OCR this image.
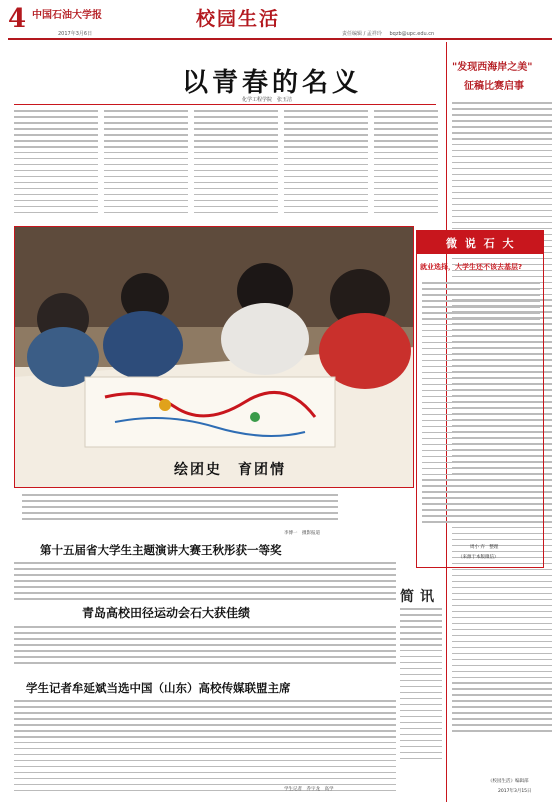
4 中国石油大学报
2017年3月6日
校园生活
责任编辑 / 孟祥玲 bqzb@upc.edu.cn
以青春的名义
化学工程学院　张玉洁
"发现西海岸之美"
征稿比赛启事
《校园生活》编辑部
2017年3月15日
绘团史　育团情
李博一　摄影报道
微 说 石 大
就业选择，大学生还不该去基层?
周小 卉　整理
（来源于本版微信）
第十五届省大学生主题演讲大赛王秋彤获一等奖
青岛高校田径运动会石大获佳绩
学生记者牟延斌当选中国（山东）高校传媒联盟主席
简讯
学生记者　乔宇龙　高学
